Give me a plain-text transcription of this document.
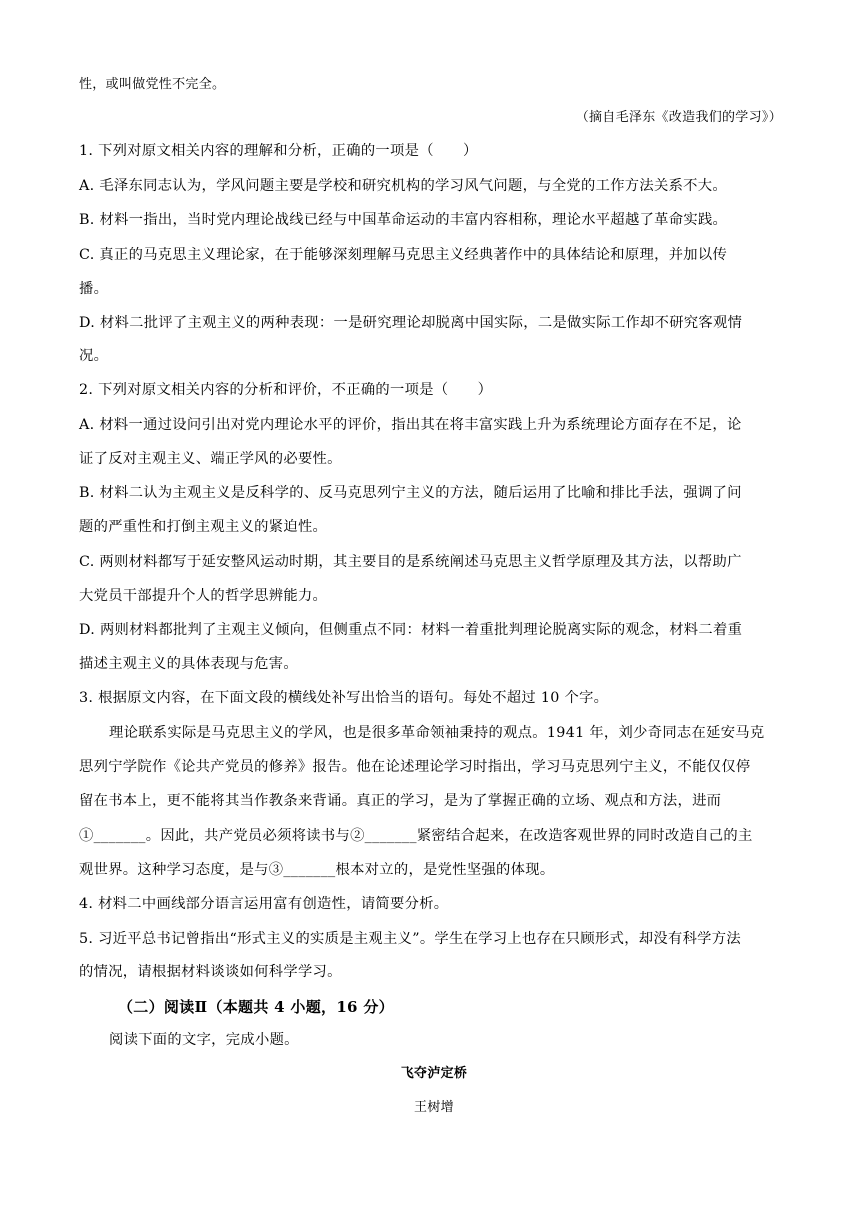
性，或叫做党性不完全。
（摘自毛泽东《改造我们的学习》）
1. 下列对原文相关内容的理解和分析，正确的一项是（　　）
A. 毛泽东同志认为，学风问题主要是学校和研究机构的学习风气问题，与全党的工作方法关系不大。
B. 材料一指出，当时党内理论战线已经与中国革命运动的丰富内容相称，理论水平超越了革命实践。
C. 真正的马克思主义理论家，在于能够深刻理解马克思主义经典著作中的具体结论和原理，并加以传
播。
D. 材料二批评了主观主义的两种表现：一是研究理论却脱离中国实际，二是做实际工作却不研究客观情
况。
2. 下列对原文相关内容的分析和评价，不正确的一项是（　　）
A. 材料一通过设问引出对党内理论水平的评价，指出其在将丰富实践上升为系统理论方面存在不足，论
证了反对主观主义、端正学风的必要性。
B. 材料二认为主观主义是反科学的、反马克思列宁主义的方法，随后运用了比喻和排比手法，强调了问
题的严重性和打倒主观主义的紧迫性。
C. 两则材料都写于延安整风运动时期，其主要目的是系统阐述马克思主义哲学原理及其方法，以帮助广
大党员干部提升个人的哲学思辨能力。
D. 两则材料都批判了主观主义倾向，但侧重点不同：材料一着重批判理论脱离实际的观念，材料二着重
描述主观主义的具体表现与危害。
3. 根据原文内容，在下面文段的横线处补写出恰当的语句。每处不超过 10 个字。
理论联系实际是马克思主义的学风，也是很多革命领袖秉持的观点。1941 年，刘少奇同志在延安马克
思列宁学院作《论共产党员的修养》报告。他在论述理论学习时指出，学习马克思列宁主义，不能仅仅停
留在书本上，更不能将其当作教条来背诵。真正的学习，是为了掌握正确的立场、观点和方法，进而
①_______。因此，共产党员必须将读书与②_______紧密结合起来，在改造客观世界的同时改造自己的主
观世界。这种学习态度，是与③_______根本对立的，是党性坚强的体现。
4. 材料二中画线部分语言运用富有创造性，请简要分析。
5. 习近平总书记曾指出“形式主义的实质是主观主义”。学生在学习上也存在只顾形式，却没有科学方法
的情况，请根据材料谈谈如何科学学习。
（二）阅读Ⅱ（本题共 4 小题，16 分）
阅读下面的文字，完成小题。
飞夺泸定桥
王树增
